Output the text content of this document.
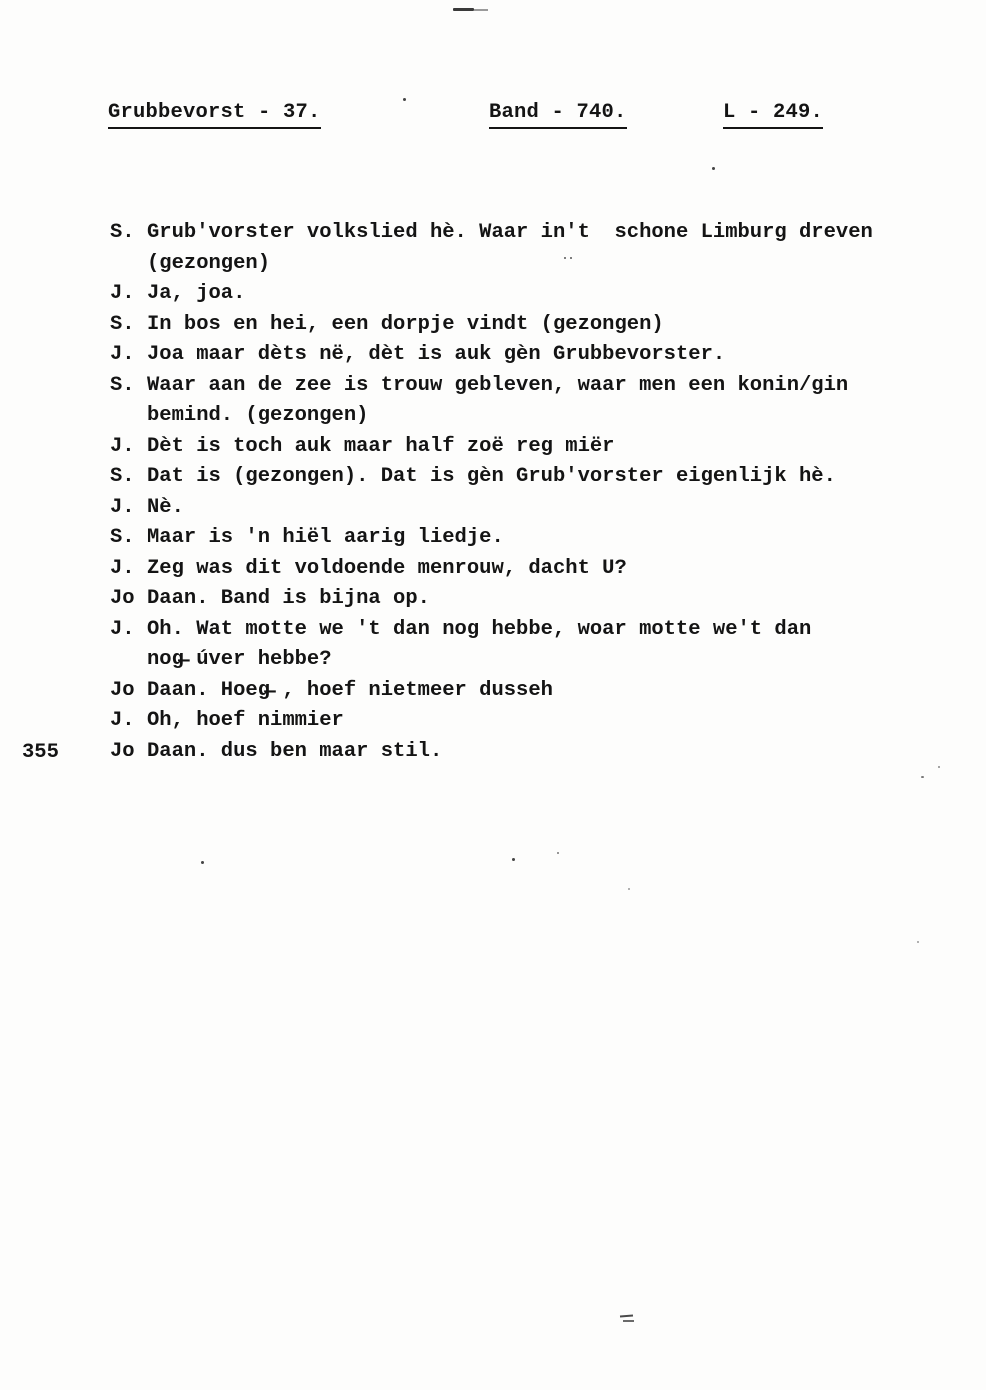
Grubbevorst - 37.	Band - 740.	L - 249.
355
S. Grub'vorster volkslied hè. Waar in't  schone Limburg dreven
(gezongen)
J. Ja, joa.
S. In bos en hei, een dorpje vindt (gezongen)
J. Joa maar dèts në, dèt is auk gèn Grubbevorster.
S. Waar aan de zee is trouw gebleven, waar men een konin/gin
bemind. (gezongen)
J. Dèt is toch auk maar half zoë reg miër
S. Dat is (gezongen). Dat is gèn Grub'vorster eigenlijk hè.
J. Nè.
S. Maar is 'n hiël aarig liedje.
J. Zeg was dit voldoende menrouw, dacht U?
Jo Daan. Band is bijna op.
J. Oh. Wat motte we 't dan nog hebbe, woar motte we't dan
nog̶ úver hebbe?
Jo Daan. Hoeg̶ , hoef nietmeer dusseh
J. Oh, hoef nimmier
Jo Daan. dus ben maar stil.
